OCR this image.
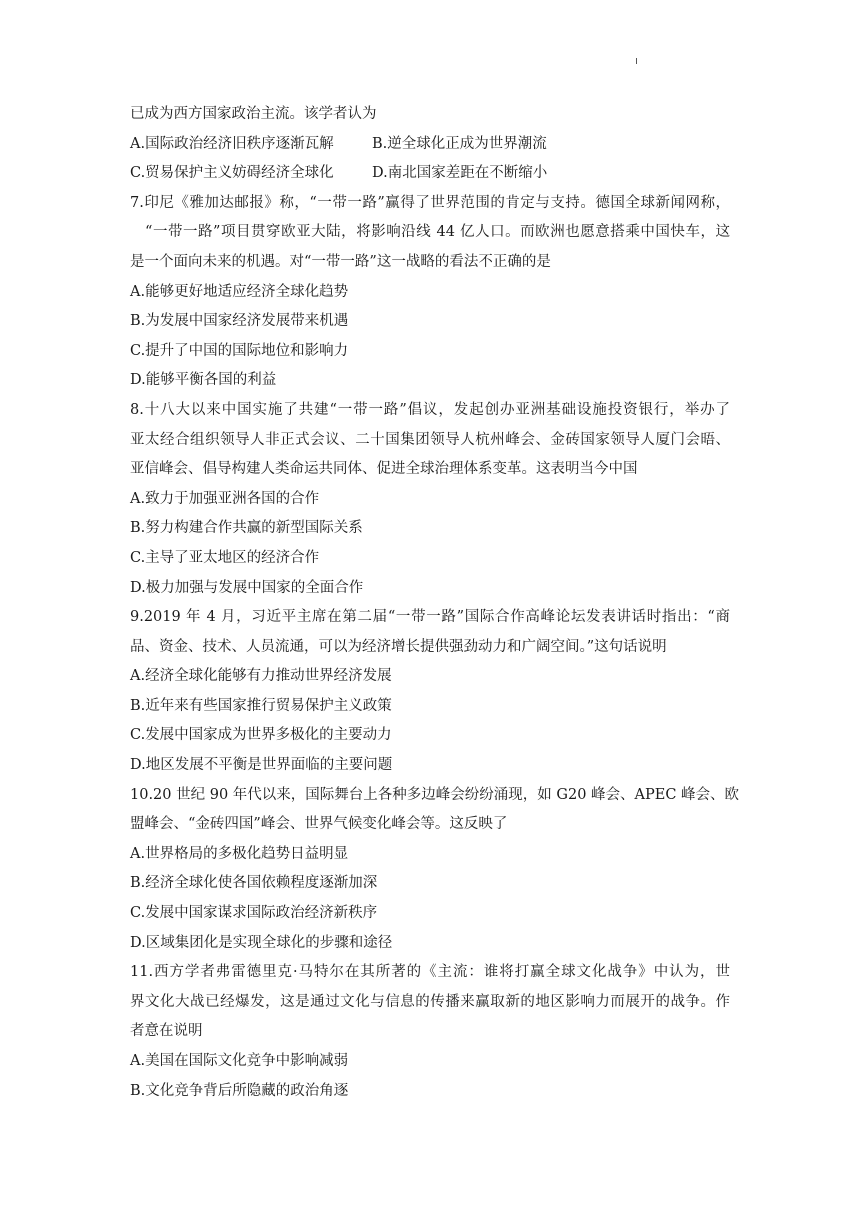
已成为西方国家政治主流。该学者认为
A.国际政治经济旧秩序逐渐瓦解	B.逆全球化正成为世界潮流
C.贸易保护主义妨碍经济全球化	D.南北国家差距在不断缩小
7.印尼《雅加达邮报》称，“一带一路”赢得了世界范围的肯定与支持。德国全球新闻网称，
“一带一路”项目贯穿欧亚大陆，将影响沿线 44 亿人口。而欧洲也愿意搭乘中国快车，这
是一个面向未来的机遇。对“一带一路”这一战略的看法不正确的是
A.能够更好地适应经济全球化趋势
B.为发展中国家经济发展带来机遇
C.提升了中国的国际地位和影响力
D.能够平衡各国的利益
8.十八大以来中国实施了共建“一带一路”倡议，发起创办亚洲基础设施投资银行，举办了
亚太经合组织领导人非正式会议、二十国集团领导人杭州峰会、金砖国家领导人厦门会晤、
亚信峰会、倡导构建人类命运共同体、促进全球治理体系变革。这表明当今中国
A.致力于加强亚洲各国的合作
B.努力构建合作共赢的新型国际关系
C.主导了亚太地区的经济合作
D.极力加强与发展中国家的全面合作
9.2019 年 4 月，习近平主席在第二届“一带一路”国际合作高峰论坛发表讲话时指出：“商
品、资金、技术、人员流通，可以为经济增长提供强劲动力和广阔空间。”这句话说明
A.经济全球化能够有力推动世界经济发展
B.近年来有些国家推行贸易保护主义政策
C.发展中国家成为世界多极化的主要动力
D.地区发展不平衡是世界面临的主要问题
10.20 世纪 90 年代以来，国际舞台上各种多边峰会纷纷涌现，如 G20 峰会、APEC 峰会、欧
盟峰会、“金砖四国”峰会、世界气候变化峰会等。这反映了
A.世界格局的多极化趋势日益明显
B.经济全球化使各国依赖程度逐渐加深
C.发展中国家谋求国际政治经济新秩序
D.区域集团化是实现全球化的步骤和途径
11.西方学者弗雷德里克·马特尔在其所著的《主流：谁将打赢全球文化战争》中认为，世
界文化大战已经爆发，这是通过文化与信息的传播来赢取新的地区影响力而展开的战争。作
者意在说明
A.美国在国际文化竞争中影响减弱
B.文化竞争背后所隐藏的政治角逐
